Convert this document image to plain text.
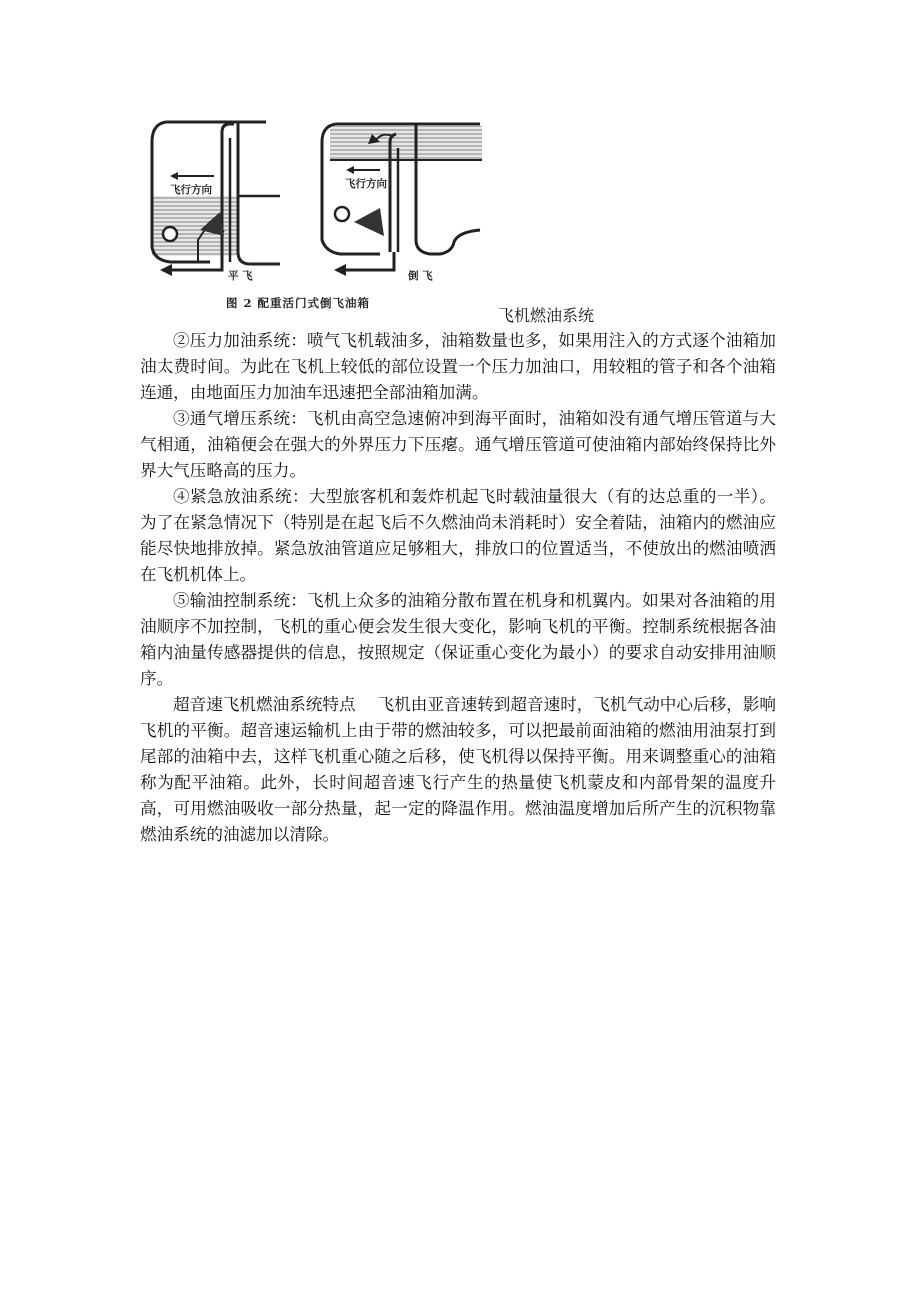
飞行方向	飞行方向
平 飞	倒 飞
图 2 配重活门式倒飞油箱
飞机燃油系统

②压力加油系统：喷气飞机载油多，油箱数量也多，如果用注入的方式逐个油箱加油太费时间。为此在飞机上较低的部位设置一个压力加油口，用较粗的管子和各个油箱连通，由地面压力加油车迅速把全部油箱加满。

③通气增压系统：飞机由高空急速俯冲到海平面时，油箱如没有通气增压管道与大气相通，油箱便会在强大的外界压力下压瘪。通气增压管道可使油箱内部始终保持比外界大气压略高的压力。

④紧急放油系统：大型旅客机和轰炸机起飞时载油量很大（有的达总重的一半）。为了在紧急情况下（特别是在起飞后不久燃油尚未消耗时）安全着陆，油箱内的燃油应能尽快地排放掉。紧急放油管道应足够粗大，排放口的位置适当，不使放出的燃油喷洒在飞机机体上。

⑤输油控制系统：飞机上众多的油箱分散布置在机身和机翼内。如果对各油箱的用油顺序不加控制，飞机的重心便会发生很大变化，影响飞机的平衡。控制系统根据各油箱内油量传感器提供的信息，按照规定（保证重心变化为最小）的要求自动安排用油顺序。

超音速飞机燃油系统特点 飞机由亚音速转到超音速时，飞机气动中心后移，影响飞机的平衡。超音速运输机上由于带的燃油较多，可以把最前面油箱的燃油用油泵打到尾部的油箱中去，这样飞机重心随之后移，使飞机得以保持平衡。用来调整重心的油箱称为配平油箱。此外，长时间超音速飞行产生的热量使飞机蒙皮和内部骨架的温度升高，可用燃油吸收一部分热量，起一定的降温作用。燃油温度增加后所产生的沉积物靠燃油系统的油滤加以清除。
